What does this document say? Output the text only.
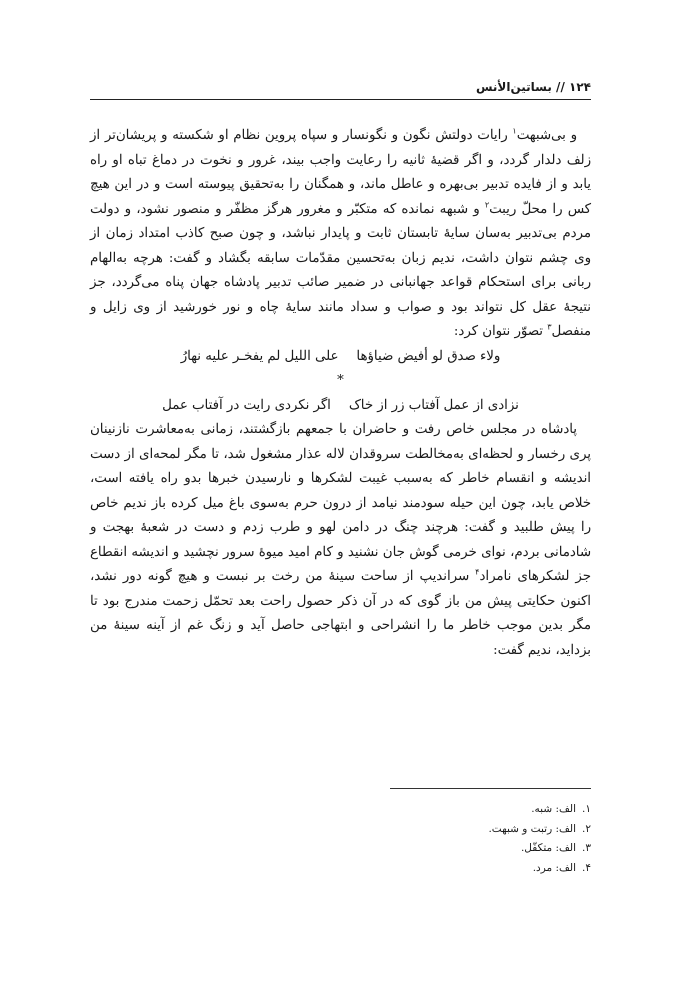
۱۲۴ // بساتین‌الأنس

و بی‌شبهت$^۱$ رایات دولتش نگون و نگونسار و سپاه پروین نظام او شکسته و پریشان‌تر از زلف دلدار گردد، و اگر قضیهٔ ثانیه را رعایت واجب بیند، غرور و نخوت در دماغ تباه او راه یابد و از فایده تدبیر بی‌بهره و عاطل ماند، و همگنان را به‌تحقیق پیوسته است و در این هیچ کس را محلّ ریبت$^۲$ و شبهه نمانده که متکبّر و مغرور هرگز مظفّر و منصور نشود، و دولت مردم بی‌تدبیر به‌سان سایهٔ تابستان ثابت و پایدار نباشد، و چون صبح کاذب امتداد زمان از وی چشم نتوان داشت، ندیم زبان به‌تحسین مقدّمات سابقه بگشاد و گفت: هرچه به‌الهام ربانی برای استحکام قواعد جهانبانی در ضمیر صائب تدبیر پادشاه جهان پناه می‌گردد، جز نتیجهٔ عقل کل نتواند بود و صواب و سداد مانند سایهٔ چاه و نور خورشید از وی زایل و منفصل$^۳$ تصوّر نتوان کرد:

ولاء صدق لو أفیض ضیاؤهاعلی اللیل لم یفخـر علیه نهارُ

*

نزادی از عمل آفتاب زر از خاکاگر نکردی رایت در آفتاب عمل

پادشاه در مجلس خاص رفت و حاضران با جمعهم بازگشتند، زمانی به‌معاشرت نازنینان پری رخسار و لحظه‌ای به‌مخالطت سروقدان لاله عذار مشغول شد، تا مگر لمحه‌ای از دست اندیشه و انقسام خاطر که به‌سبب غیبت لشکرها و نارسیدن خبرها بدو راه یافته است، خلاص یابد، چون این حیله سودمند نیامد از درون حرم به‌سوی باغ میل کرده باز ندیم خاص را پیش طلبید و گفت: هرچند چنگ در دامن لهو و طرب زدم و دست در شعبهٔ بهجت و شادمانی بردم، نوای خرمی گوش جان نشنید و کام امید میوهٔ سرور نچشید و اندیشه انقطاع جز لشکرهای نامراد$^۴$ سراندیپ از ساحت سینهٔ من رخت بر نبست و هیچ گونه دور نشد، اکنون حکایتی پیش من باز گوی که در آن ذکر حصول راحت بعد تحمّل زحمت مندرج بود تا مگر بدین موجب خاطر ما را انشراحی و ابتهاجی حاصل آید و زنگ غم از آینه سینهٔ من بزداید، ندیم گفت:

۱.الف: شبه.
۲.الف: رتبت و شبهت.
۳.الف: متکفّل.
۴.الف: مرد.
